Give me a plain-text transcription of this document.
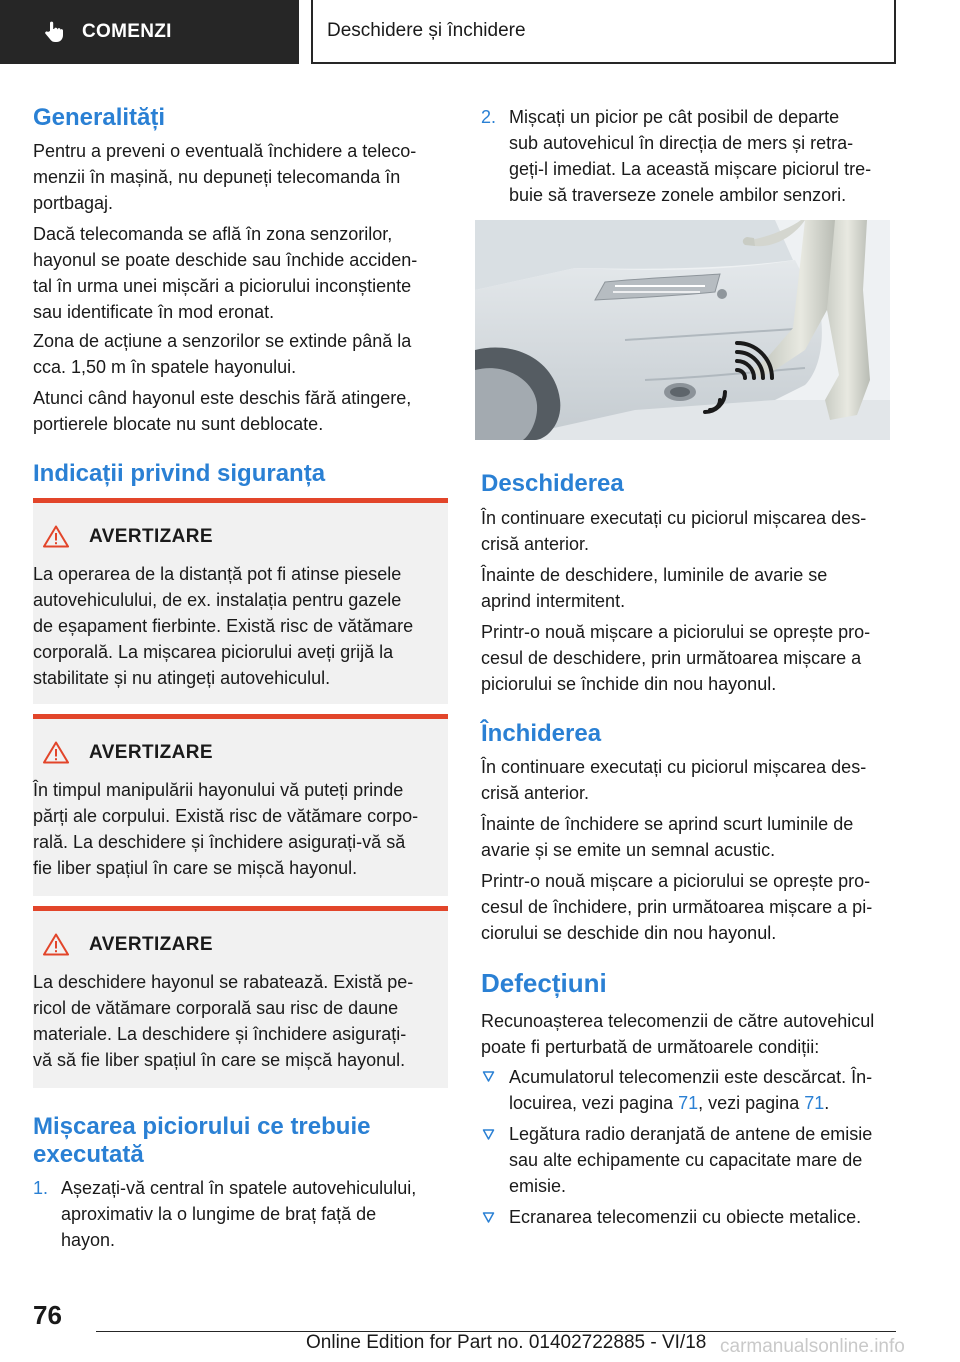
COMENZI	Deschidere și închidere
Generalități

Pentru a preveni o eventuală închidere a teleco-
menzii în mașină, nu depuneți telecomanda în
portbagaj.

Dacă telecomanda se află în zona senzorilor,
hayonul se poate deschide sau închide acciden-
tal în urma unei mișcări a piciorului inconștiente
sau identificate în mod eronat.

Zona de acțiune a senzorilor se extinde până la
cca. 1,50 m în spatele hayonului.

Atunci când hayonul este deschis fără atingere,
portierele blocate nu sunt deblocate.

Indicații privind siguranța
AVERTIZARE

La operarea de la distanță pot fi atinse piesele
autovehiculului, de ex. instalația pentru gazele
de eșapament fierbinte. Există risc de vătămare
corporală. La mișcarea piciorului aveți grijă la
stabilitate și nu atingeți autovehiculul.

AVERTIZARE

În timpul manipulării hayonului vă puteți prinde
părți ale corpului. Există risc de vătămare corpo-
rală. La deschidere și închidere asigurați-vă să
fie liber spațiul în care se mișcă hayonul.

AVERTIZARE

La deschidere hayonul se rabatează. Există pe-
ricol de vătămare corporală sau risc de daune
materiale. La deschidere și închidere asigurați-
vă să fie liber spațiul în care se mișcă hayonul.

Mișcarea piciorului ce trebuie
executată
1. Așezați-vă central în spatele autovehiculului,
aproximativ la o lungime de braț față de
hayon.

2. Mișcați un picior pe cât posibil de departe
sub autovehicul în direcția de mers și retra-
geți-l imediat. La această mișcare piciorul tre-
buie să traverseze zonele ambilor senzori.

Deschiderea

În continuare executați cu piciorul mișcarea des-
crisă anterior.

Înainte de deschidere, luminile de avarie se
aprind intermitent.

Printr-o nouă mișcare a piciorului se oprește pro-
cesul de deschidere, prin următoarea mișcare a
piciorului se închide din nou hayonul.

Închiderea

În continuare executați cu piciorul mișcarea des-
crisă anterior.

Înainte de închidere se aprind scurt luminile de
avarie și se emite un semnal acustic.

Printr-o nouă mișcare a piciorului se oprește pro-
cesul de închidere, prin următoarea mișcare a pi-
ciorului se deschide din nou hayonul.

Defecțiuni

Recunoașterea telecomenzii de către autovehicul
poate fi perturbată de următoarele condiții:

Acumulatorul telecomenzii este descărcat. În-
locuirea, vezi pagina 71, vezi pagina 71.

Legătura radio deranjată de antene de emisie
sau alte echipamente cu capacitate mare de
emisie.

Ecranarea telecomenzii cu obiecte metalice.

76
Online Edition for Part no. 01402722885 - VI/18 carmanualsonline.info
